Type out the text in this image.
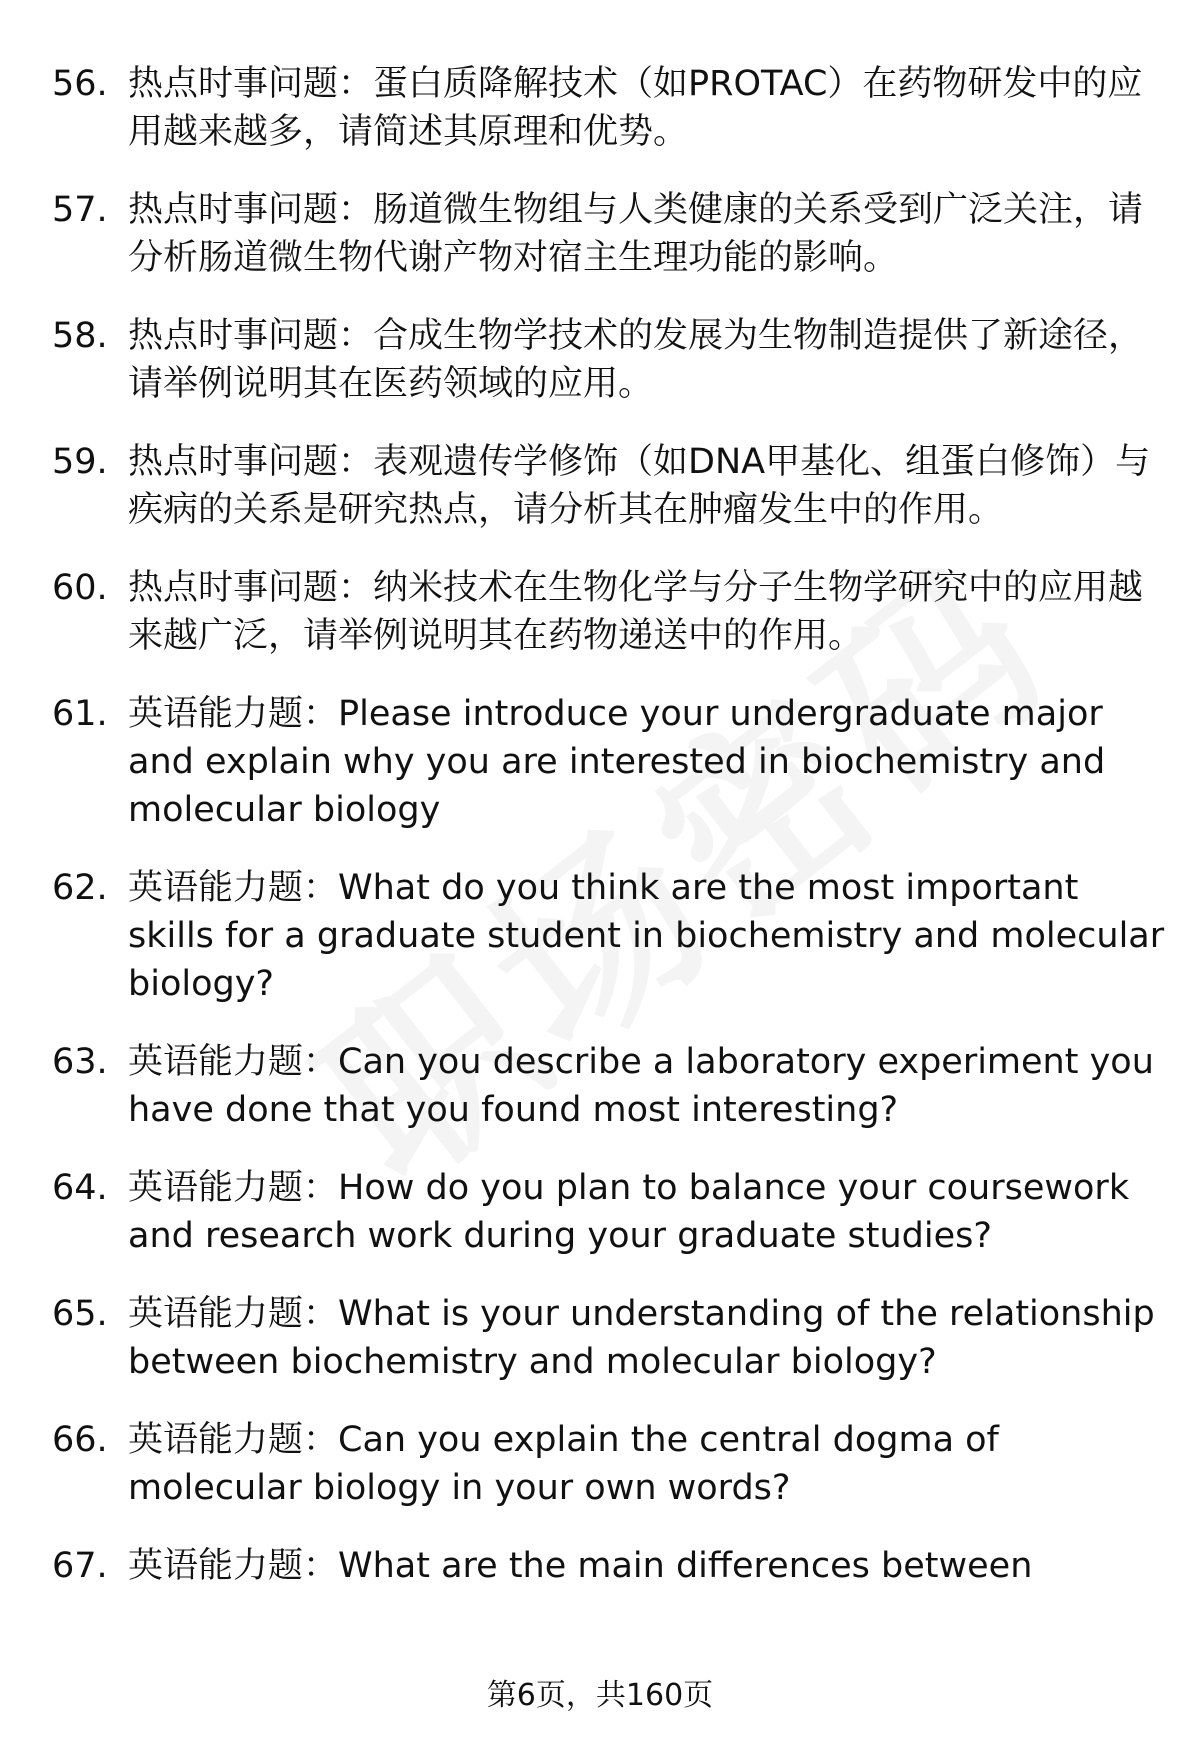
56. 热点时事问题：蛋白质降解技术（如PROTAC）在药物研发中的应用越来越多，请简述其原理和优势。
57. 热点时事问题：肠道微生物组与人类健康的关系受到广泛关注，请分析肠道微生物代谢产物对宿主生理功能的影响。
58. 热点时事问题：合成生物学技术的发展为生物制造提供了新途径，请举例说明其在医药领域的应用。
59. 热点时事问题：表观遗传学修饰（如DNA甲基化、组蛋白修饰）与疾病的关系是研究热点，请分析其在肿瘤发生中的作用。
60. 热点时事问题：纳米技术在生物化学与分子生物学研究中的应用越来越广泛，请举例说明其在药物递送中的作用。
61. 英语能力题：Please introduce your undergraduate major and explain why you are interested in biochemistry and molecular biology
62. 英语能力题：What do you think are the most important skills for a graduate student in biochemistry and molecular biology?
63. 英语能力题：Can you describe a laboratory experiment you have done that you found most interesting?
64. 英语能力题：How do you plan to balance your coursework and research work during your graduate studies?
65. 英语能力题：What is your understanding of the relationship between biochemistry and molecular biology?
66. 英语能力题：Can you explain the central dogma of molecular biology in your own words?
67. 英语能力题：What are the main differences between
第6页，共160页
